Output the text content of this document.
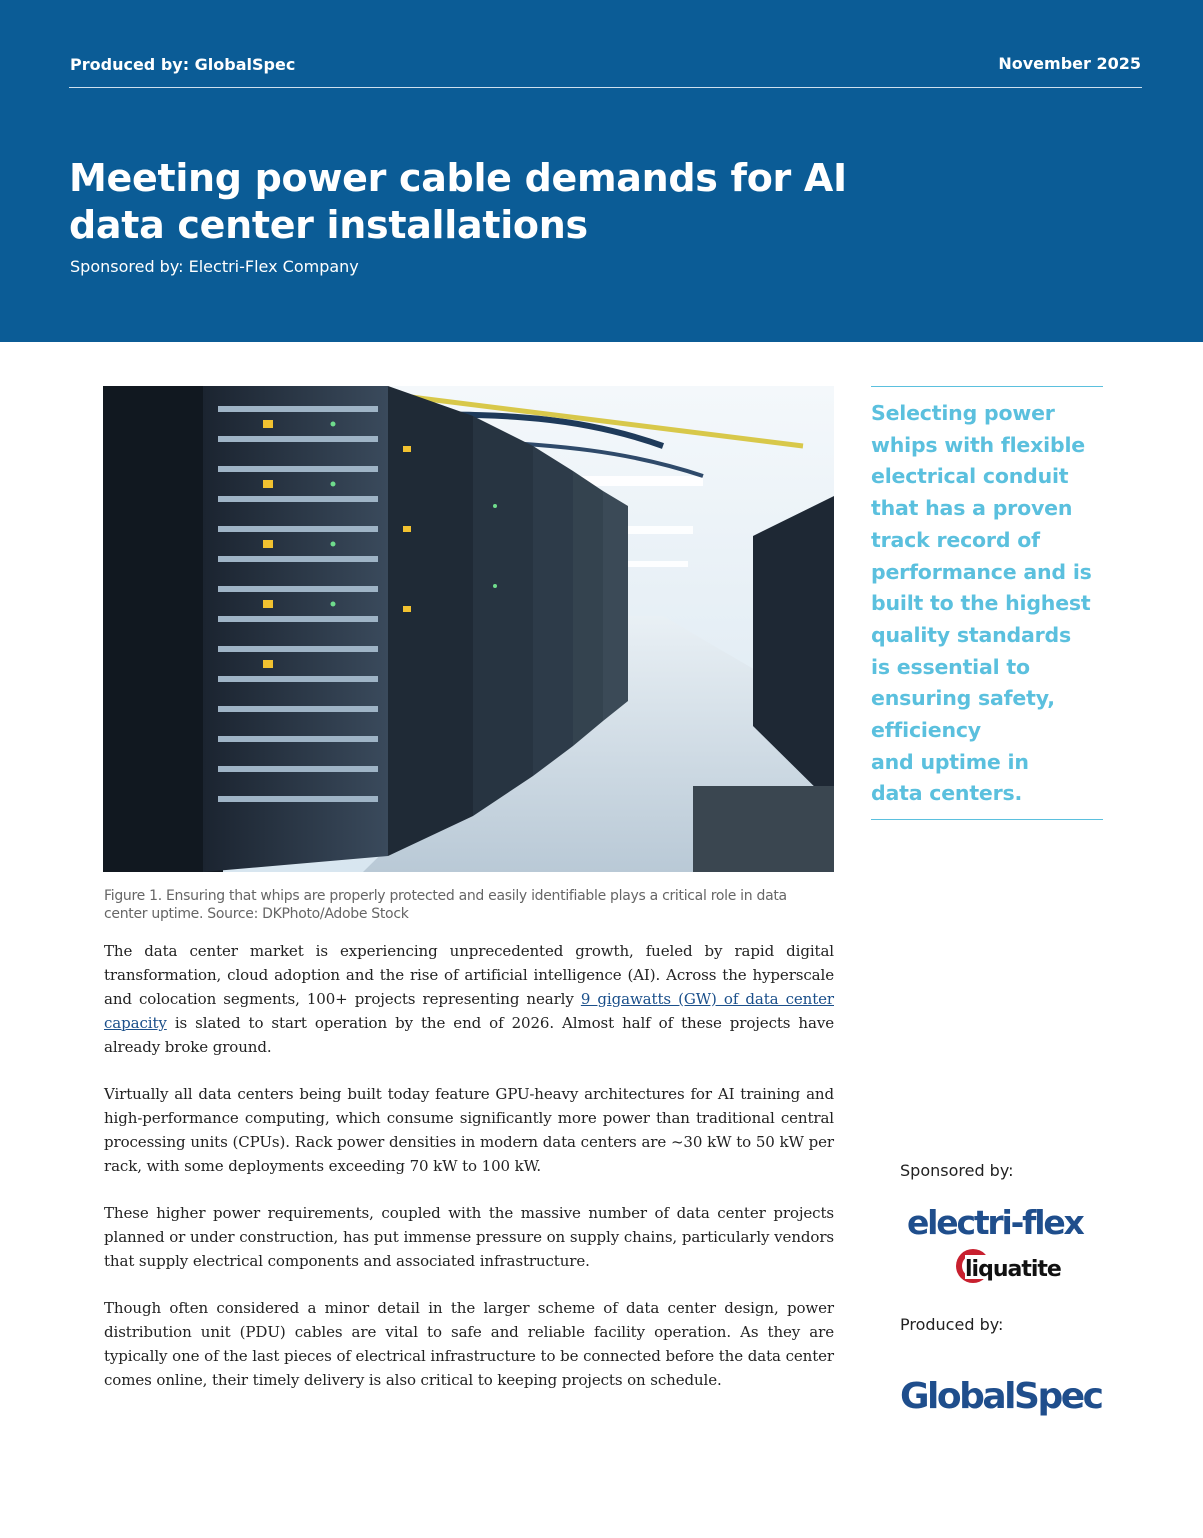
Produced by: GlobalSpec	November 2025
Meeting power cable demands for AI data center installations
Sponsored by: Electri-Flex Company

Figure 1. Ensuring that whips are properly protected and easily identifiable plays a critical role in data center uptime. Source: DKPhoto/Adobe Stock

The data center market is experiencing unprecedented growth, fueled by rapid digital transformation, cloud adoption and the rise of artificial intelligence (AI). Across the hyperscale and colocation segments, 100+ projects representing nearly 9 gigawatts (GW) of data center capacity is slated to start operation by the end of 2026. Almost half of these projects have already broke ground.

Virtually all data centers being built today feature GPU-heavy architectures for AI training and high-performance computing, which consume significantly more power than traditional central processing units (CPUs). Rack power densities in modern data centers are ~30 kW to 50 kW per rack, with some deployments exceeding 70 kW to 100 kW.

These higher power requirements, coupled with the massive number of data center projects planned or under construction, has put immense pressure on supply chains, particularly vendors that supply electrical components and associated infrastructure.

Though often considered a minor detail in the larger scheme of data center design, power distribution unit (PDU) cables are vital to safe and reliable facility operation. As they are typically one of the last pieces of electrical infrastructure to be connected before the data center comes online, their timely delivery is also critical to keeping projects on schedule.

Selecting power
whips with flexible
electrical conduit
that has a proven
track record of
performance and is
built to the highest
quality standards
is essential to
ensuring safety,
efficiency
and uptime in
data centers.

Sponsored by:
electri-flex
liquatite
Produced by:
GlobalSpec
